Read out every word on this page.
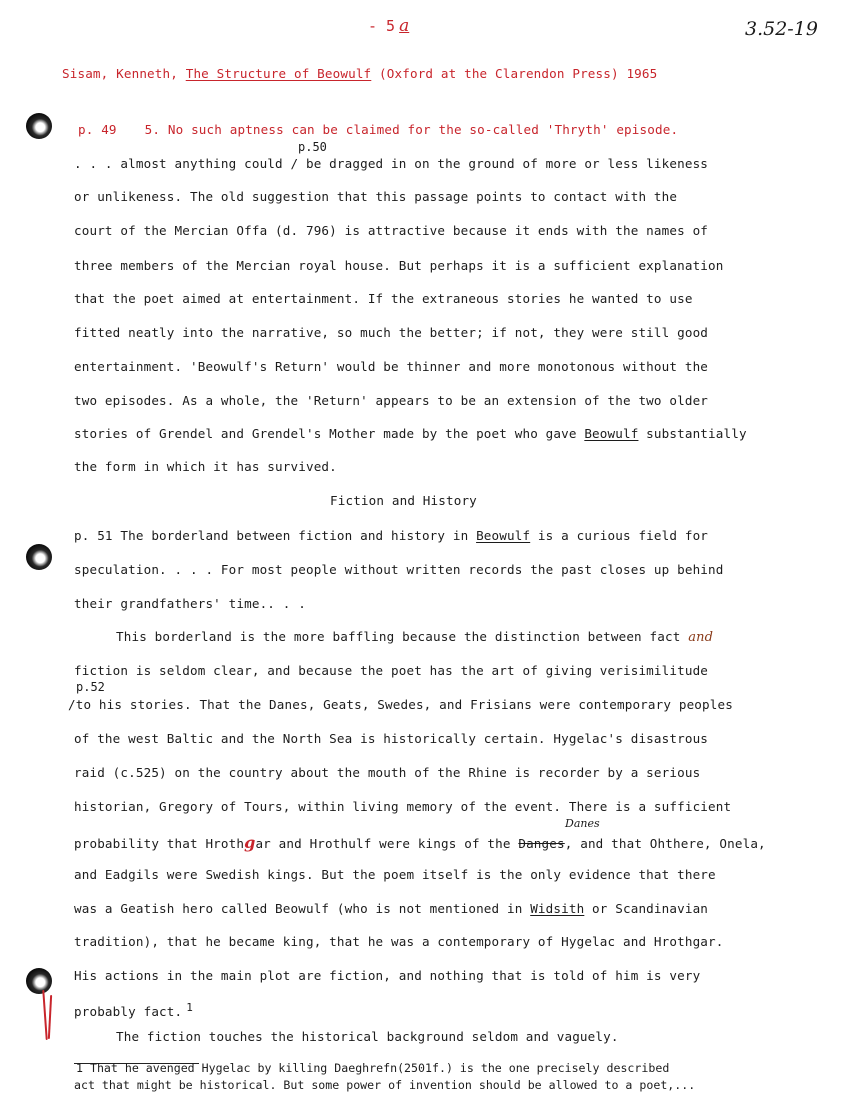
- 5 a	3.52-19
Sisam, Kenneth, The Structure of Beowulf (Oxford at the Clarendon Press) 1965
p. 49 5. No such aptness can be claimed for the so-called 'Thryth' episode.
p.50
. . . almost anything could / be dragged in on the ground of more or less likeness
or unlikeness. The old suggestion that this passage points to contact with the
court of the Mercian Offa (d. 796) is attractive because it ends with the names of
three members of the Mercian royal house. But perhaps it is a sufficient explanation
that the poet aimed at entertainment. If the extraneous stories he wanted to use
fitted neatly into the narrative, so much the better; if not, they were still good
entertainment. 'Beowulf's Return' would be thinner and more monotonous without the
two episodes. As a whole, the 'Return' appears to be an extension of the two older
stories of Grendel and Grendel's Mother made by the poet who gave Beowulf substantially
the form in which it has survived.
Fiction and History
p. 51 The borderland between fiction and history in Beowulf is a curious field for
speculation. . . . For most people without written records the past closes up behind
their grandfathers' time.. . .
This borderland is the more baffling because the distinction between fact and
fiction is seldom clear, and because the poet has the art of giving verisimilitude
p.52
/to his stories. That the Danes, Geats, Swedes, and Frisians were contemporary peoples
of the west Baltic and the North Sea is historically certain. Hygelac's disastrous
raid (c.525) on the country about the mouth of the Rhine is recorder by a serious
historian, Gregory of Tours, within living memory of the event. There is a sufficient
Danes
probability that Hrothgar and Hrothulf were kings of the Danges, and that Ohthere, Onela,
and Eadgils were Swedish kings. But the poem itself is the only evidence that there
was a Geatish hero called Beowulf (who is not mentioned in Widsith or Scandinavian
tradition), that he became king, that he was a contemporary of Hygelac and Hrothgar.
His actions in the main plot are fiction, and nothing that is told of him is very
probably fact. $^1$
The fiction touches the historical background seldom and vaguely.
1 That he avenged Hygelac by killing Daeghrefn(2501f.) is the one precisely described
act that might be historical. But some power of invention should be allowed to a poet,...
